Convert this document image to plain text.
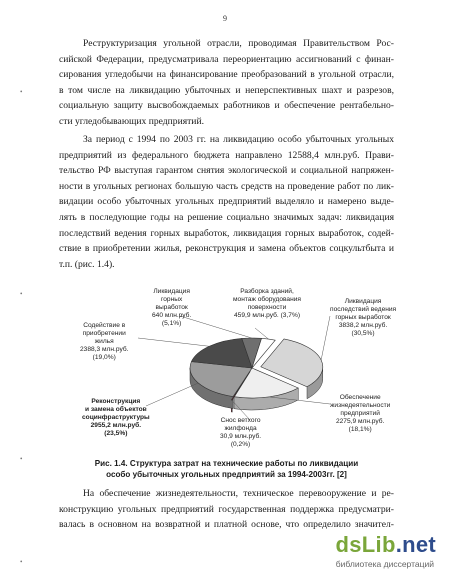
9
•
•
•
•
Реструктуризация угольной отрасли, проводимая Правительством Рос-
сийской Федерации, предусматривала переориентацию ассигнований с финан-
сирования угледобычи на финансирование преобразований в угольной отрасли,
в том числе на ликвидацию убыточных и неперспективных шахт и разрезов,
социальную защиту высвобождаемых работников и обеспечение рентабельно-
сти угледобывающих предприятий.
За период с 1994 по 2003 гг. на ликвидацию особо убыточных угольных
предприятий из федерального бюджета направлено 12588,4 млн.руб. Прави-
тельство РФ выступая гарантом снятия экологической и социальной напряжен-
ности в угольных регионах большую часть средств на проведение работ по лик-
видации особо убыточных угольных предприятий выделяло и намерено выде-
лять в последующие годы на решение социально значимых задач: ликвидация
последствий ведения горных выработок, ликвидация горных выработок, содей-
ствие в приобретении жилья, реконструкция и замена объектов соцкультбыта и
т.п. (рис. 1.4).
Ликвидация
горных
выработок
640 млн.руб.
(5,1%)
Разборка зданий,
монтаж оборудования
поверхности
459,9 млн.руб. (3,7%)
Ликвидация
последствий ведения
горных выработок
3838,2 млн.руб.
(30,5%)
Содействие в
приобретении
жилья
2388,3 млн.руб.
(19,0%)
Реконструкция
и замена объектов
социнфраструктуры
2955,2 млн.руб.
(23,5%)
Снос ветхого
жилфонда
30,9 млн.руб.
(0,2%)
Обеспечение
жизнедеятельности
предприятий
2275,9 млн.руб.
(18,1%)
Рис. 1.4. Структура затрат на технические работы по ликвидации
особо убыточных угольных предприятий за 1994-2003гг. [2]
На обеспечение жизнедеятельности, техническое перевооружение и ре-
конструкцию угольных предприятий государственная поддержка предусматри-
валась в основном на возвратной и платной основе, что определило значител-
dsLib.net
библиотека диссертаций
